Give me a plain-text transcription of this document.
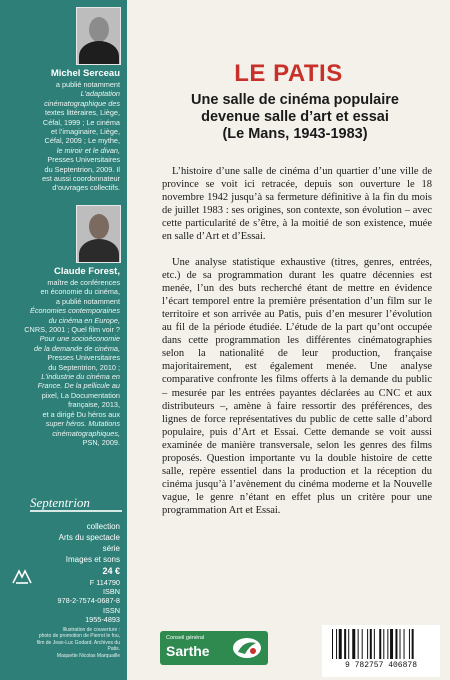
Michel Serceau
a publié notamment
L’adaptation
cinématographique des
textes littéraires, Liège,
Céfal, 1999 ; Le cinéma
et l’imaginaire, Liège,
Céfal, 2009 ; Le mythe,
le miroir et le divan,
Presses Universitaires
du Septentrion, 2009. Il
est aussi coordonnateur
d’ouvrages collectifs.
Claude Forest,
maître de conférences
en économie du cinéma,
a publié notamment
Économies contemporaines
du cinéma en Europe,
CNRS, 2001 ; Quel film voir ?
Pour une socioéconomie
de la demande de cinéma,
Presses Universitaires
du Septentrion, 2010 ;
L’industrie du cinéma en
France. De la pellicule au
pixel, La Documentation
française, 2013,
et a dirigé Du héros aux
super héros. Mutations
cinématographiques,
PSN, 2009.
Septentrion
collection
Arts du spectacle
série
Images et sons
24 €
F 114790
ISBN
978-2-7574-0687-8
ISSN
1955-4893
Illustration de couverture :
photo de promotion de Pierrot le fou,
film de Jean-Luc Godard. Archives du Patis.
Maquette Nicolas Marquaille
LE PATIS
Une salle de cinéma populaire
devenue salle d’art et essai
(Le Mans, 1943-1983)

L’histoire d’une salle de cinéma d’un quartier d’une ville de province se voit ici retracée, depuis son ouverture le 18 novembre 1942 jusqu’à sa fermeture définitive à la fin du mois de juillet 1983 : ses origines, son contexte, son évolution – avec cette particularité de s’être, à la moitié de son existence, muée en salle d’Art et d’Essai.

Une analyse statistique exhaustive (titres, genres, entrées, etc.) de sa programmation durant les quatre décennies est menée, l’un des buts recherché étant de mettre en évidence l’écart temporel entre la première présentation d’un film sur le territoire et son arrivée au Patis, puis d’en mesurer l’évolution au fil de la période étudiée. L’étude de la part qu’ont occupée dans cette programmation les différentes cinématographies selon la nationalité de leur production, française majoritairement, est également menée. Une analyse comparative confronte les films offerts à la demande du public – mesurée par les entrées payantes déclarées au CNC et aux distributeurs –, amène à faire ressortir des préférences, des lignes de force représentatives du public de cette salle d’abord populaire, puis d’Art et Essai. Cette demande se voit aussi examinée de manière transversale, selon les genres des films proposés. Question importante vu la double histoire de cette salle, repère essentiel dans la production et la réception du cinéma jusqu’à l’avènement du cinéma moderne et la Nouvelle vague, le genre n’étant en effet plus un critère pour une programmation Art et Essai.

Conseil général
Sarthe
9 782757 406878
